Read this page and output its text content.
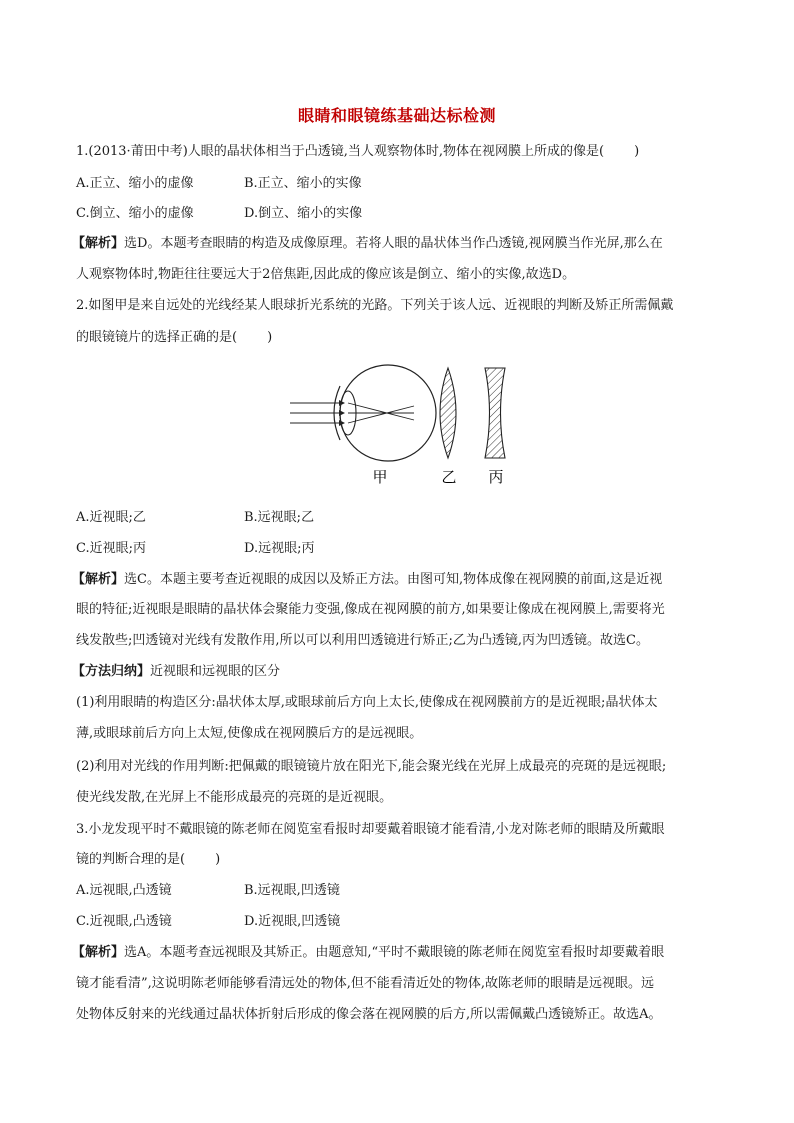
眼睛和眼镜练基础达标检测
1.(2013·莆田中考)人眼的晶状体相当于凸透镜,当人观察物体时,物体在视网膜上所成的像是( )
A.正立、缩小的虚像	B.正立、缩小的实像
C.倒立、缩小的虚像	D.倒立、缩小的实像
【解析】选D。本题考查眼睛的构造及成像原理。若将人眼的晶状体当作凸透镜,视网膜当作光屏,那么在
人观察物体时,物距往往要远大于2倍焦距,因此成的像应该是倒立、缩小的实像,故选D。
2.如图甲是来自远处的光线经某人眼球折光系统的光路。下列关于该人远、近视眼的判断及矫正所需佩戴
的眼镜镜片的选择正确的是( )
甲	乙 丙
A.近视眼;乙	B.远视眼;乙
C.近视眼;丙	D.远视眼;丙
【解析】选C。本题主要考查近视眼的成因以及矫正方法。由图可知,物体成像在视网膜的前面,这是近视
眼的特征;近视眼是眼睛的晶状体会聚能力变强,像成在视网膜的前方,如果要让像成在视网膜上,需要将光
线发散些;凹透镜对光线有发散作用,所以可以利用凹透镜进行矫正;乙为凸透镜,丙为凹透镜。故选C。
【方法归纳】近视眼和远视眼的区分
(1)利用眼睛的构造区分:晶状体太厚,或眼球前后方向上太长,使像成在视网膜前方的是近视眼;晶状体太
薄,或眼球前后方向上太短,使像成在视网膜后方的是远视眼。
(2)利用对光线的作用判断:把佩戴的眼镜镜片放在阳光下,能会聚光线在光屏上成最亮的亮斑的是远视眼;
使光线发散,在光屏上不能形成最亮的亮斑的是近视眼。
3.小龙发现平时不戴眼镜的陈老师在阅览室看报时却要戴着眼镜才能看清,小龙对陈老师的眼睛及所戴眼
镜的判断合理的是( )
A.远视眼,凸透镜	B.远视眼,凹透镜
C.近视眼,凸透镜	D.近视眼,凹透镜
【解析】选A。本题考查远视眼及其矫正。由题意知,“平时不戴眼镜的陈老师在阅览室看报时却要戴着眼
镜才能看清”,这说明陈老师能够看清远处的物体,但不能看清近处的物体,故陈老师的眼睛是远视眼。远
处物体反射来的光线通过晶状体折射后形成的像会落在视网膜的后方,所以需佩戴凸透镜矫正。故选A。
